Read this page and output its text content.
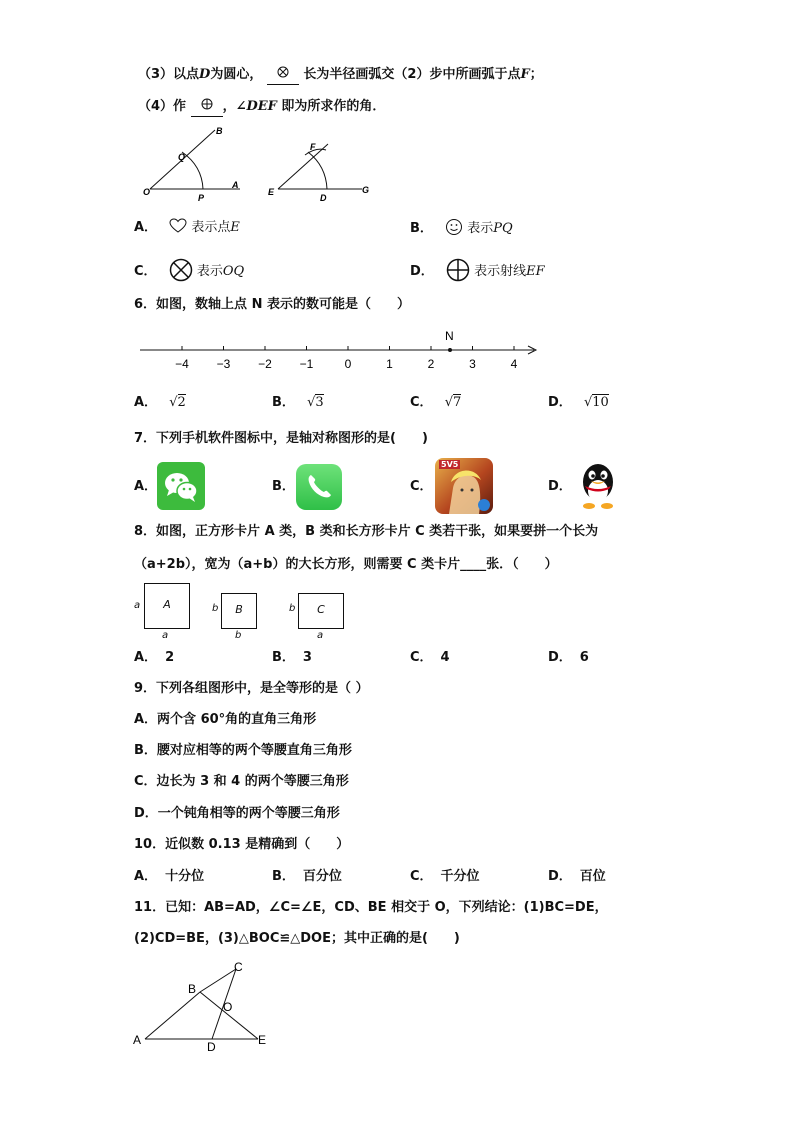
（3）以点D为圆心，	长为半径画弧交（2）步中所画弧于点F；
（4）作	，∠DEF 即为所求作的角．
B
Q
O
P
A
F
E
D
G
A．	表示点E	B．	表示PQ
C．	表示OQ	D．	表示射线EF
6．如图，数轴上点 N 表示的数可能是（　　）
−4 −3 −2 −1	0	1	2	3	4
N
A． √2	B． √3	C． √7	D． √10
7．下列手机软件图标中，是轴对称图形的是(　　)
A．	B．	C．
5V5
D．
8．如图，正方形卡片 A 类，B 类和长方形卡片 C 类若干张，如果要拼一个长为
（a+2b），宽为（a+b）的大长方形，则需要 C 类卡片____张．（　　）
a	A
a
b	B
b
b	C
a
A． 2	B． 3	C． 4	D． 6
9．下列各组图形中，是全等形的是（ ）
A．两个含 60°角的直角三角形
B．腰对应相等的两个等腰直角三角形
C．边长为 3 和 4 的两个等腰三角形
D．一个钝角相等的两个等腰三角形
10．近似数 0.13 是精确到（　　）
A． 十分位	B． 百分位	C． 千分位	D． 百位
11．已知：AB=AD，∠C=∠E，CD、BE 相交于 O，下列结论：(1)BC=DE，
(2)CD=BE，(3)△BOC≌△DOE；其中正确的是(　　)
C
B
O
A	D	E
